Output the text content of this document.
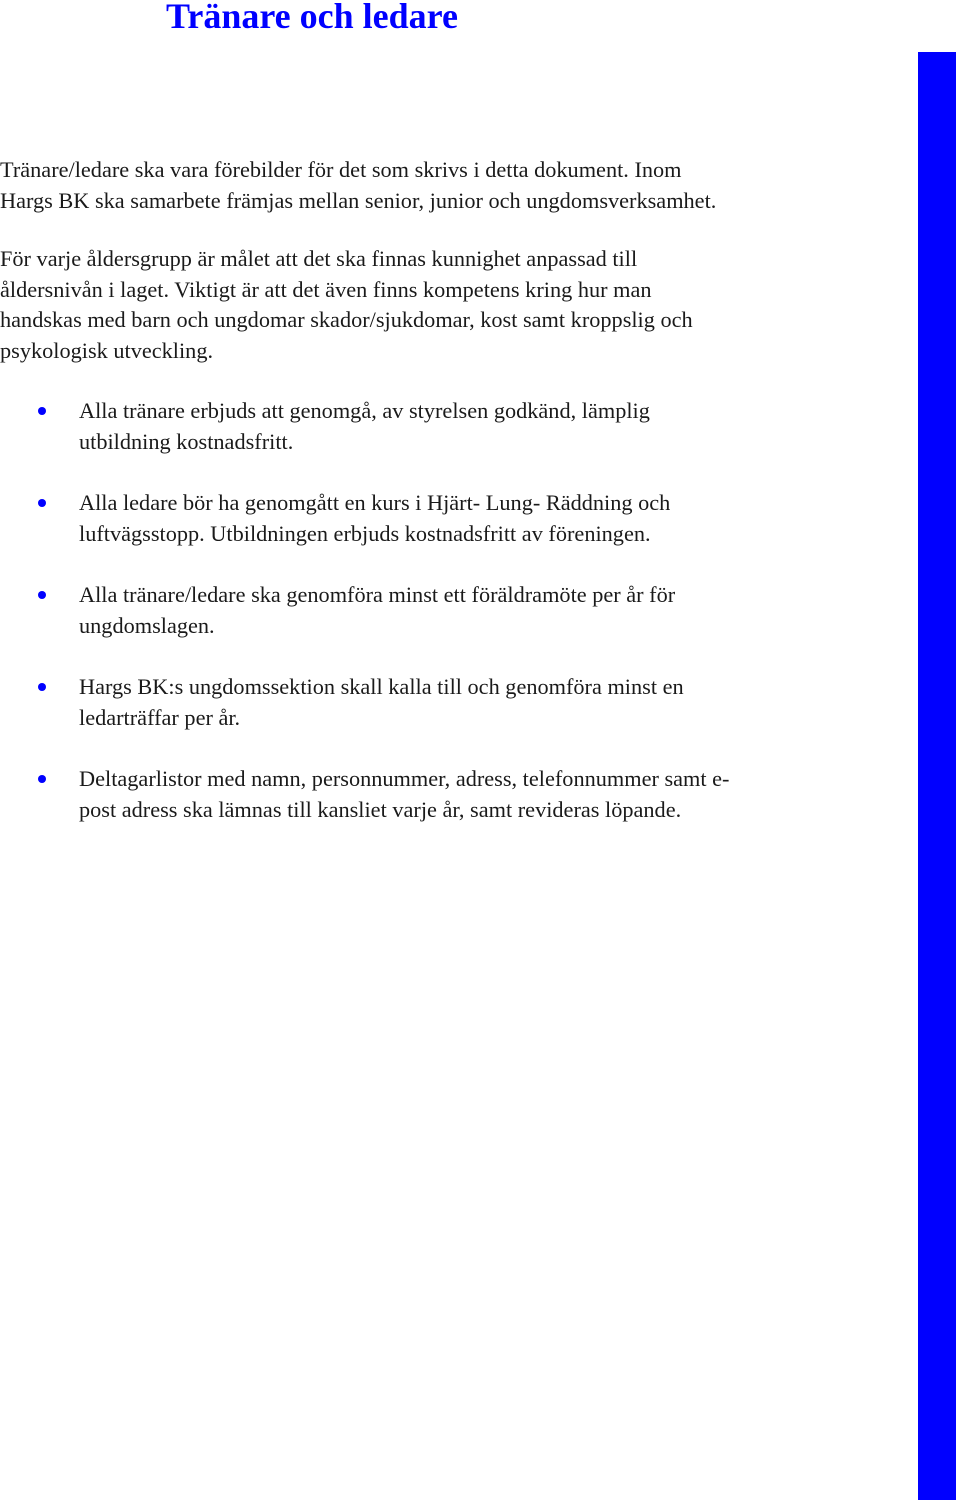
Tränare och ledare

Tränare/ledare ska vara förebilder för det som skrivs i detta dokument. Inom
Hargs BK ska samarbete främjas mellan senior, junior och ungdomsverksamhet.

För varje åldersgrupp är målet att det ska finnas kunnighet anpassad till
åldersnivån i laget. Viktigt är att det även finns kompetens kring hur man
handskas med barn och ungdomar skador/sjukdomar, kost samt kroppslig och
psykologisk utveckling.

Alla tränare erbjuds att genomgå, av styrelsen godkänd, lämplig
utbildning kostnadsfritt.
Alla ledare bör ha genomgått en kurs i Hjärt- Lung- Räddning och
luftvägsstopp. Utbildningen erbjuds kostnadsfritt av föreningen.
Alla tränare/ledare ska genomföra minst ett föräldramöte per år för
ungdomslagen.
Hargs BK:s ungdomssektion skall kalla till och genomföra minst en
ledarträffar per år.
Deltagarlistor med namn, personnummer, adress, telefonnummer samt e-
post adress ska lämnas till kansliet varje år, samt revideras löpande.
